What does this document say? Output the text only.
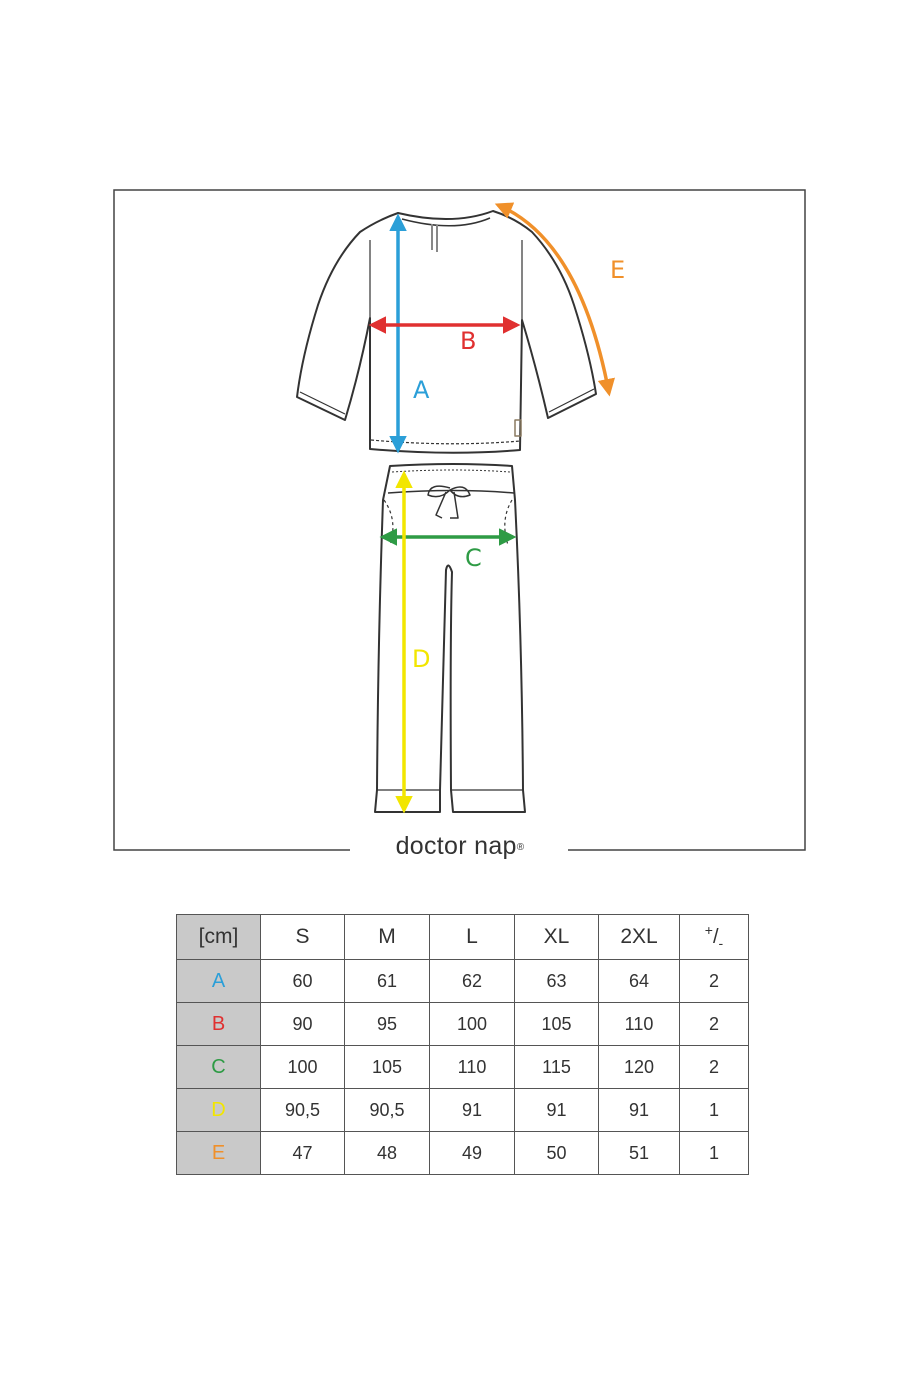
A
B
C
D
E
doctor nap®
[cm]	S	M	L	XL	2XL	$^+/_-$
A	60	61	62	63	64	2
B	90	95	100	105	110	2
C	100	105	110	115	120	2
D	90,5	90,5	91	91	91	1
E	47	48	49	50	51	1
